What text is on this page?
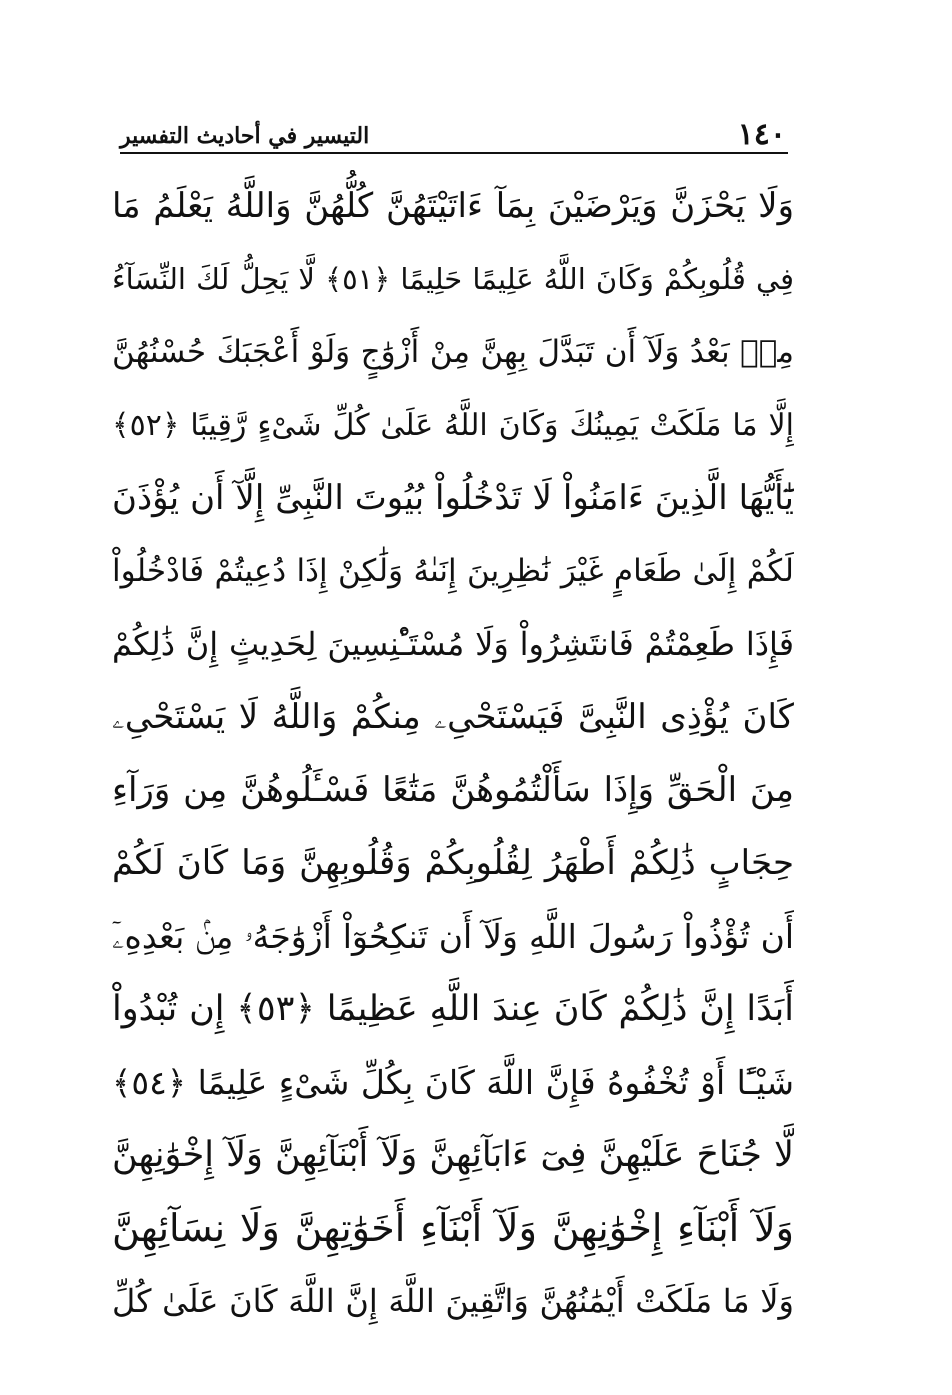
١٤٠
التيسير في أحاديث التفسير
وَلَا يَحْزَنَّ وَيَرْضَيْنَ بِمَآ ءَاتَيْتَهُنَّ كُلُّهُنَّ وَاللَّهُ يَعْلَمُ مَا
فِي قُلُوبِكُمْ وَكَانَ اللَّهُ عَلِيمًا حَلِيمًا ﴿٥١﴾ لَّا يَحِلُّ لَكَ النِّسَآءُ
مِنۢ بَعْدُ وَلَآ أَن تَبَدَّلَ بِهِنَّ مِنْ أَزْوَٰجٍ وَلَوْ أَعْجَبَكَ حُسْنُهُنَّ
إِلَّا مَا مَلَكَتْ يَمِينُكَ وَكَانَ اللَّهُ عَلَىٰ كُلِّ شَىْءٍ رَّقِيبًا ﴿٥٢﴾
يَٰٓأَيُّهَا الَّذِينَ ءَامَنُواْ لَا تَدْخُلُواْ بُيُوتَ النَّبِىِّ إِلَّآ أَن يُؤْذَنَ
لَكُمْ إِلَىٰ طَعَامٍ غَيْرَ نَٰظِرِينَ إِنَىٰهُ وَلَٰكِنْ إِذَا دُعِيتُمْ فَادْخُلُواْ
فَإِذَا طَعِمْتُمْ فَانتَشِرُواْ وَلَا مُسْتَـْٔنِسِينَ لِحَدِيثٍ إِنَّ ذَٰلِكُمْ
كَانَ يُؤْذِى النَّبِىَّ فَيَسْتَحْىِۦ مِنكُمْ وَاللَّهُ لَا يَسْتَحْىِۦ
مِنَ الْحَقِّ وَإِذَا سَأَلْتُمُوهُنَّ مَتَٰعًا فَسْـَٔلُوهُنَّ مِن وَرَآءِ
حِجَابٍ ذَٰلِكُمْ أَطْهَرُ لِقُلُوبِكُمْ وَقُلُوبِهِنَّ وَمَا كَانَ لَكُمْ
أَن تُؤْذُواْ رَسُولَ اللَّهِ وَلَآ أَن تَنكِحُوٓاْ أَزْوَٰجَهُۥ مِنۢ بَعْدِهِۦٓ
أَبَدًا إِنَّ ذَٰلِكُمْ كَانَ عِندَ اللَّهِ عَظِيمًا ﴿٥٣﴾ إِن تُبْدُواْ
شَيْـًٔا أَوْ تُخْفُوهُ فَإِنَّ اللَّهَ كَانَ بِكُلِّ شَىْءٍ عَلِيمًا ﴿٥٤﴾
لَّا جُنَاحَ عَلَيْهِنَّ فِىٓ ءَابَآئِهِنَّ وَلَآ أَبْنَآئِهِنَّ وَلَآ إِخْوَٰنِهِنَّ
وَلَآ أَبْنَآءِ إِخْوَٰنِهِنَّ وَلَآ أَبْنَآءِ أَخَوَٰتِهِنَّ وَلَا نِسَآئِهِنَّ
وَلَا مَا مَلَكَتْ أَيْمَٰنُهُنَّ وَاتَّقِينَ اللَّهَ إِنَّ اللَّهَ كَانَ عَلَىٰ كُلِّ
